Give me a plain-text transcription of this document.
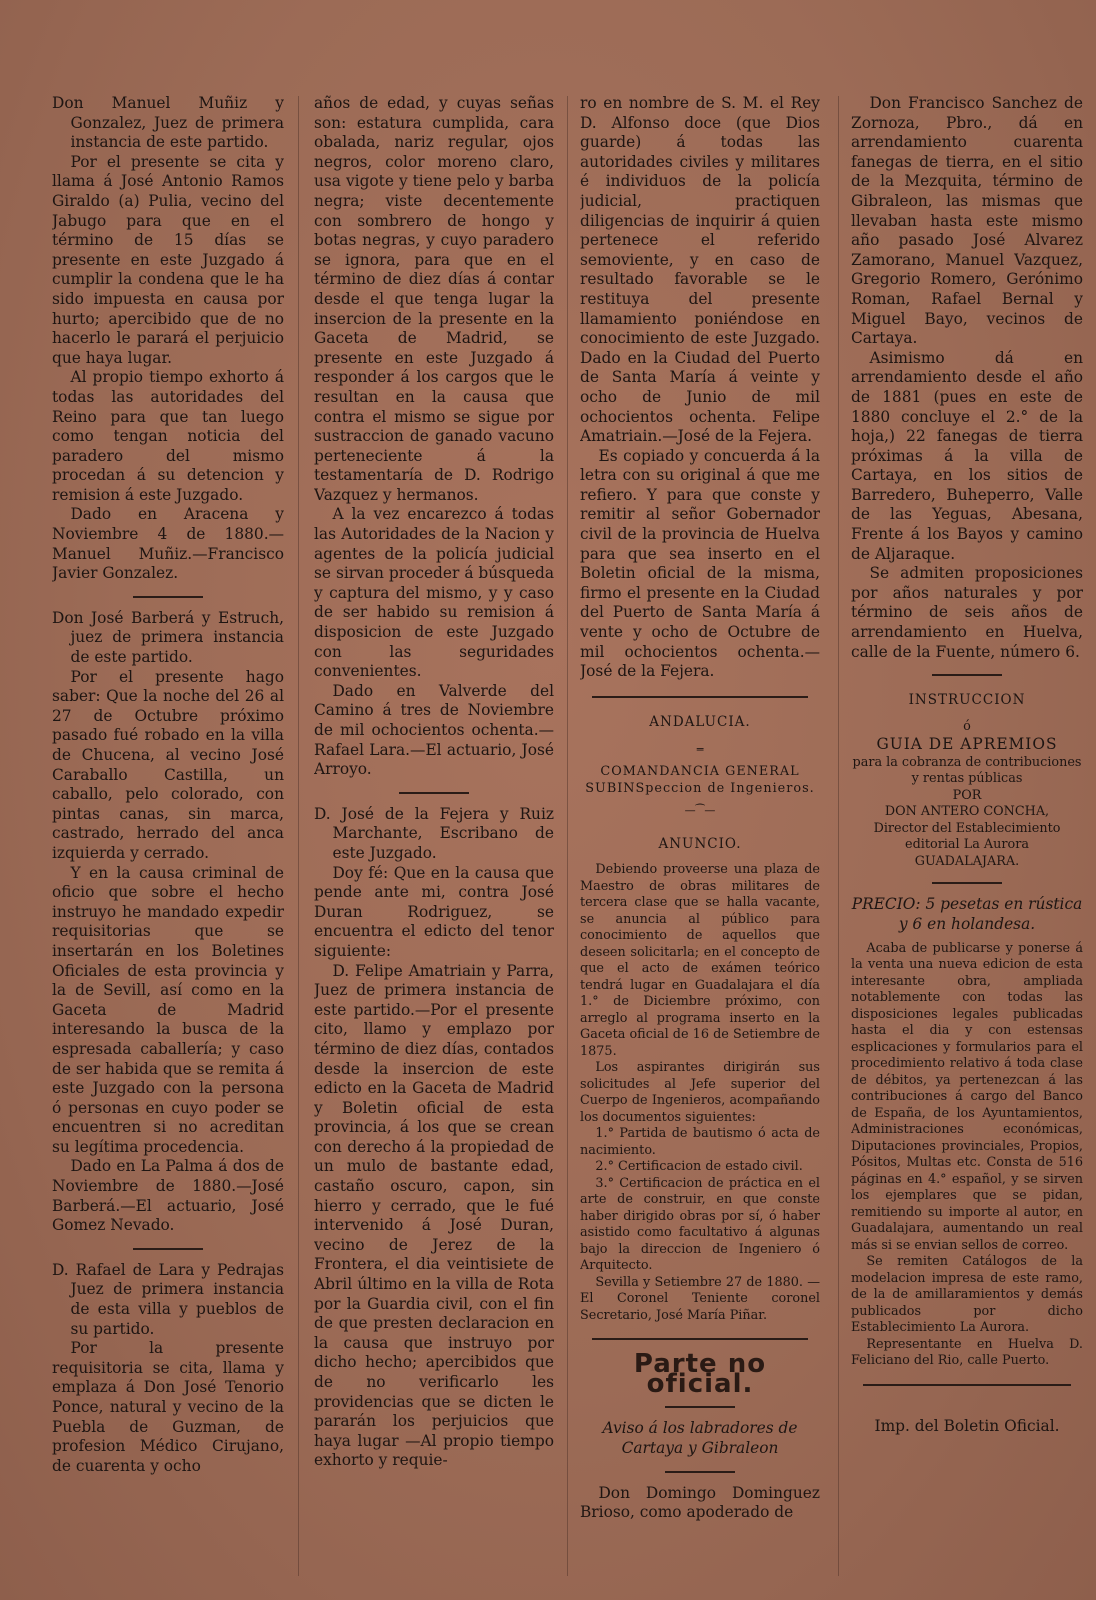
Don Manuel Muñiz y Gonzalez, Juez de primera instancia de este partido.

Por el presente se cita y llama á José Antonio Ramos Giraldo (a) Pulia, vecino del Jabugo para que en el término de 15 días se presente en este Juzgado á cumplir la condena que le ha sido impuesta en causa por hurto; apercibido que de no hacerlo le parará el perjuicio que haya lugar.

Al propio tiempo exhorto á todas las autoridades del Reino para que tan luego como tengan noticia del paradero del mismo procedan á su detencion y remision á este Juzgado.

Dado en Aracena y Noviembre 4 de 1880.—Manuel Muñiz.—Francisco Javier Gonzalez.

Don José Barberá y Estruch, juez de primera instancia de este partido.

Por el presente hago saber: Que la noche del 26 al 27 de Octubre próximo pasado fué robado en la villa de Chucena, al vecino José Caraballo Castilla, un caballo, pelo colorado, con pintas canas, sin marca, castrado, herrado del anca izquierda y cerrado.

Y en la causa criminal de oficio que sobre el hecho instruyo he mandado expedir requisitorias que se insertarán en los Boletines Oficiales de esta provincia y la de Sevill, así como en la Gaceta de Madrid interesando la busca de la espresada caballería; y caso de ser habida que se remita á este Juzgado con la persona ó personas en cuyo poder se encuentren si no acreditan su legítima procedencia.

Dado en La Palma á dos de Noviembre de 1880.—José Barberá.—El actuario, José Gomez Nevado.

D. Rafael de Lara y Pedrajas Juez de primera instancia de esta villa y pueblos de su partido.

Por la presente requisitoria se cita, llama y emplaza á Don José Tenorio Ponce, natural y vecino de la Puebla de Guzman, de profesion Médico Cirujano, de cuarenta y ocho

años de edad, y cuyas señas son: estatura cumplida, cara obalada, nariz regular, ojos negros, color moreno claro, usa vigote y tiene pelo y barba negra; viste decentemente con sombrero de hongo y botas negras, y cuyo paradero se ignora, para que en el término de diez días á contar desde el que tenga lugar la insercion de la presente en la Gaceta de Madrid, se presente en este Juzgado á responder á los cargos que le resultan en la causa que contra el mismo se sigue por sustraccion de ganado vacuno perteneciente á la testamentaría de D. Rodrigo Vazquez y hermanos.

A la vez encarezco á todas las Autoridades de la Nacion y agentes de la policía judicial se sirvan proceder á búsqueda y captura del mismo, y y caso de ser habido su remision á disposicion de este Juzgado con las seguridades convenientes.

Dado en Valverde del Camino á tres de Noviembre de mil ochocientos ochenta.—Rafael Lara.—El actuario, José Arroyo.

D. José de la Fejera y Ruiz Marchante, Escribano de este Juzgado.

Doy fé: Que en la causa que pende ante mi, contra José Duran Rodriguez, se encuentra el edicto del tenor siguiente:

D. Felipe Amatriain y Parra, Juez de primera instancia de este partido.—Por el presente cito, llamo y emplazo por término de diez días, contados desde la insercion de este edicto en la Gaceta de Madrid y Boletin oficial de esta provincia, á los que se crean con derecho á la propiedad de un mulo de bastante edad, castaño oscuro, capon, sin hierro y cerrado, que le fué intervenido á José Duran, vecino de Jerez de la Frontera, el dia veintisiete de Abril último en la villa de Rota por la Guardia civil, con el fin de que presten declaracion en la causa que instruyo por dicho hecho; apercibidos que de no verificarlo les providencias que se dicten le pararán los perjuicios que haya lugar —Al propio tiempo exhorto y requie-

ro en nombre de S. M. el Rey D. Alfonso doce (que Dios guarde) á todas las autoridades civiles y militares é individuos de la policía judicial, practiquen diligencias de inquirir á quien pertenece el referido semoviente, y en caso de resultado favorable se le restituya del presente llamamiento poniéndose en conocimiento de este Juzgado. Dado en la Ciudad del Puerto de Santa María á veinte y ocho de Junio de mil ochocientos ochenta. Felipe Amatriain.—José de la Fejera.

Es copiado y concuerda á la letra con su original á que me refiero. Y para que conste y remitir al señor Gobernador civil de la provincia de Huelva para que sea inserto en el Boletin oficial de la misma, firmo el presente en la Ciudad del Puerto de Santa María á vente y ocho de Octubre de mil ochocientos ochenta.—José de la Fejera.

ANDALUCIA.

═

COMANDANCIA GENERAL SUBINSpeccion de Ingenieros.

—⁀—

ANUNCIO.

Debiendo proveerse una plaza de Maestro de obras militares de tercera clase que se halla vacante, se anuncia al público para conocimiento de aquellos que deseen solicitarla; en el concepto de que el acto de exámen teórico tendrá lugar en Guadalajara el día 1.° de Diciembre próximo, con arreglo al programa inserto en la Gaceta oficial de 16 de Setiembre de 1875.

Los aspirantes dirigirán sus solicitudes al Jefe superior del Cuerpo de Ingenieros, acompañando los documentos siguientes:

1.° Partida de bautismo ó acta de nacimiento.

2.° Certificacion de estado civil.

3.° Certificacion de práctica en el arte de construir, en que conste haber dirigido obras por sí, ó haber asistido como facultativo á algunas bajo la direccion de Ingeniero ó Arquitecto.

Sevilla y Setiembre 27 de 1880. —El Coronel Teniente coronel Secretario, José María Piñar.

Parte no oficial.

Aviso á los labradores de Cartaya y Gibraleon

Don Domingo Dominguez Brioso, como apoderado de

Don Francisco Sanchez de Zornoza, Pbro., dá en arrendamiento cuarenta fanegas de tierra, en el sitio de la Mezquita, término de Gibraleon, las mismas que llevaban hasta este mismo año pasado José Alvarez Zamorano, Manuel Vazquez, Gregorio Romero, Gerónimo Roman, Rafael Bernal y Miguel Bayo, vecinos de Cartaya.

Asimismo dá en arrendamiento desde el año de 1881 (pues en este de 1880 concluye el 2.° de la hoja,) 22 fanegas de tierra próximas á la villa de Cartaya, en los sitios de Barredero, Buheperro, Valle de las Yeguas, Abesana, Frente á los Bayos y camino de Aljaraque.

Se admiten proposiciones por años naturales y por término de seis años de arrendamiento en Huelva, calle de la Fuente, número 6.

INSTRUCCION

ó

GUIA DE APREMIOS

para la cobranza de contribuciones y rentas públicas

POR

DON ANTERO CONCHA,

Director del Establecimiento editorial La Aurora

GUADALAJARA.

PRECIO: 5 pesetas en rústica y 6 en holandesa.

Acaba de publicarse y ponerse á la venta una nueva edicion de esta interesante obra, ampliada notablemente con todas las disposiciones legales publicadas hasta el dia y con estensas esplicaciones y formularios para el procedimiento relativo á toda clase de débitos, ya pertenezcan á las contribuciones á cargo del Banco de España, de los Ayuntamientos, Administraciones económicas, Diputaciones provinciales, Propios, Pósitos, Multas etc. Consta de 516 páginas en 4.° español, y se sirven los ejemplares que se pidan, remitiendo su importe al autor, en Guadalajara, aumentando un real más si se envian sellos de correo.

Se remiten Catálogos de la modelacion impresa de este ramo, de la de amillaramientos y demás publicados por dicho Establecimiento La Aurora.

Representante en Huelva D. Feliciano del Rio, calle Puerto.

Imp. del Boletin Oficial.
